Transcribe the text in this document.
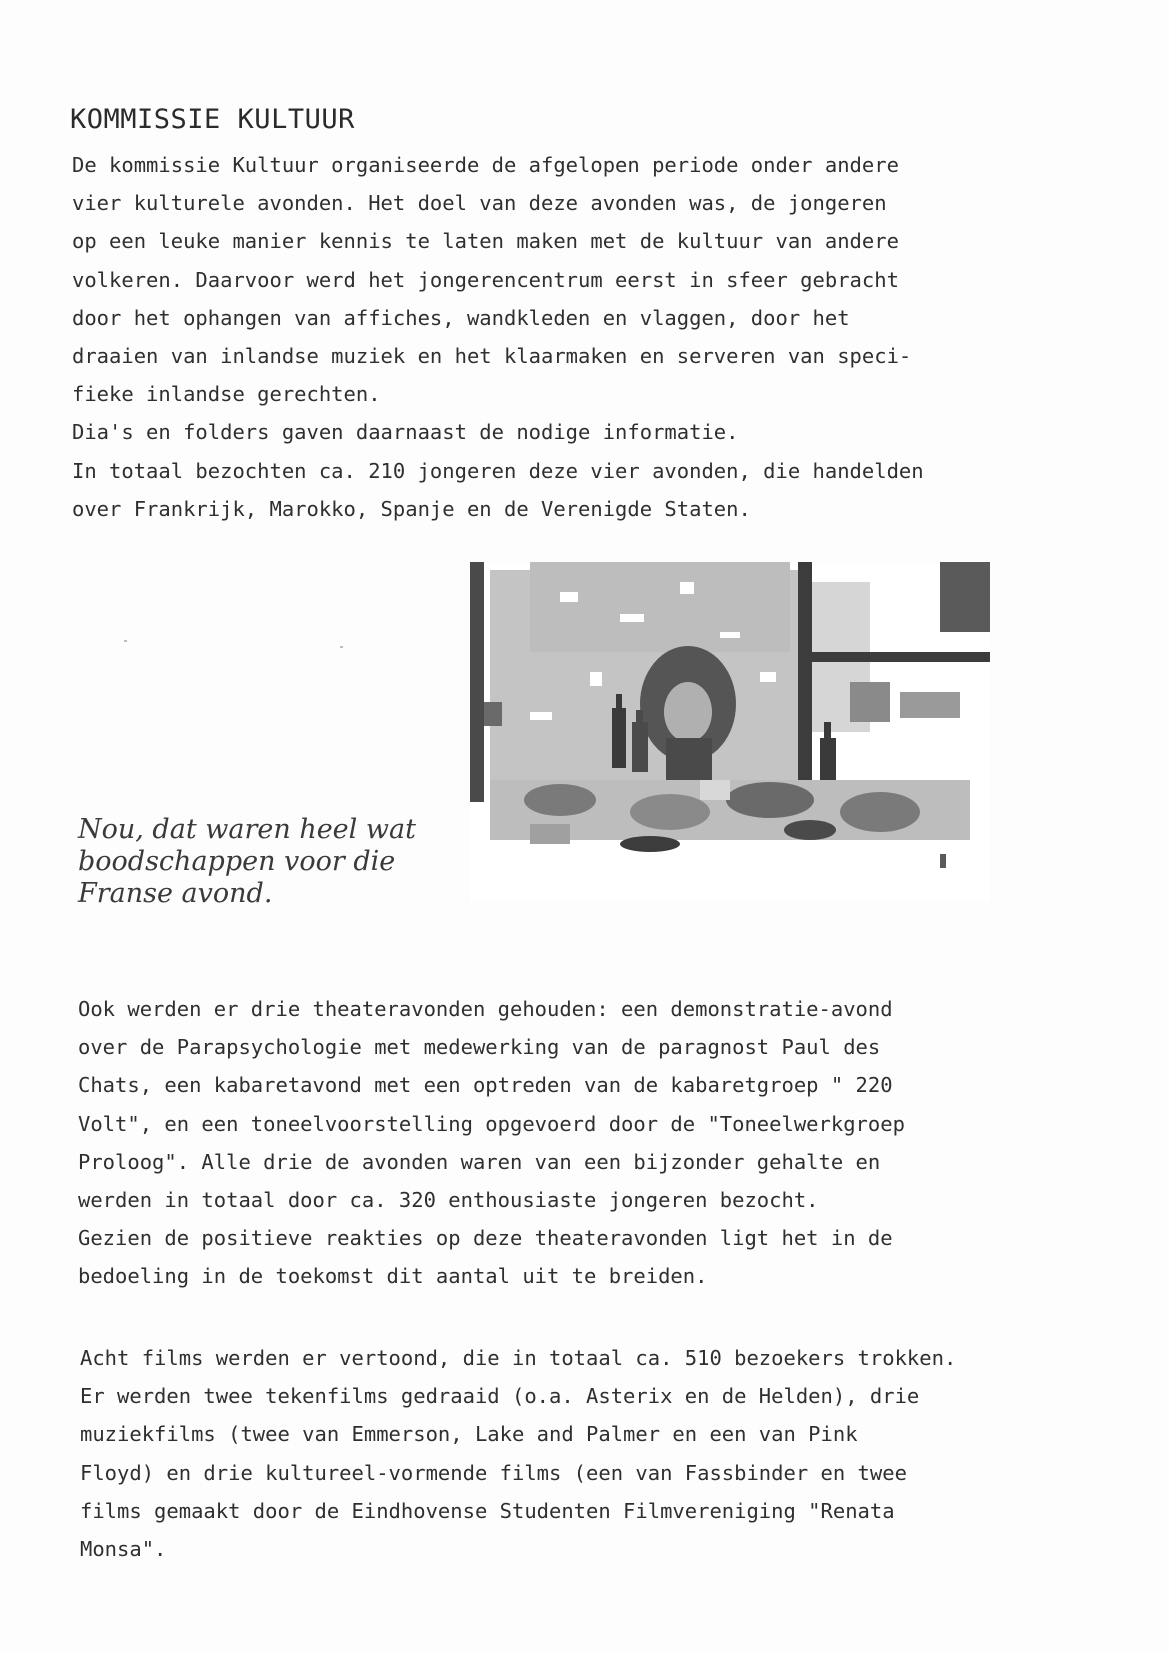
KOMMISSIE KULTUUR
De kommissie Kultuur organiseerde de afgelopen periode onder andere
vier kulturele avonden. Het doel van deze avonden was, de jongeren
op een leuke manier kennis te laten maken met de kultuur van andere
volkeren. Daarvoor werd het jongerencentrum eerst in sfeer gebracht
door het ophangen van affiches, wandkleden en vlaggen, door het
draaien van inlandse muziek en het klaarmaken en serveren van speci-
fieke inlandse gerechten.
Dia's en folders gaven daarnaast de nodige informatie.
In totaal bezochten ca. 210 jongeren deze vier avonden, die handelden
over Frankrijk, Marokko, Spanje en de Verenigde Staten.
Nou, dat waren heel wat
boodschappen voor die
Franse avond.
Ook werden er drie theateravonden gehouden: een demonstratie-avond
over de Parapsychologie met medewerking van de paragnost Paul des
Chats, een kabaretavond met een optreden van de kabaretgroep " 220
Volt", en een toneelvoorstelling opgevoerd door de "Toneelwerkgroep
Proloog". Alle drie de avonden waren van een bijzonder gehalte en
werden in totaal door ca. 320 enthousiaste jongeren bezocht.
Gezien de positieve reakties op deze theateravonden ligt het in de
bedoeling in de toekomst dit aantal uit te breiden.
Acht films werden er vertoond, die in totaal ca. 510 bezoekers trokken.
Er werden twee tekenfilms gedraaid (o.a. Asterix en de Helden), drie
muziekfilms (twee van Emmerson, Lake and Palmer en een van Pink
Floyd) en drie kultureel-vormende films (een van Fassbinder en twee
films gemaakt door de Eindhovense Studenten Filmvereniging "Renata
Monsa".
